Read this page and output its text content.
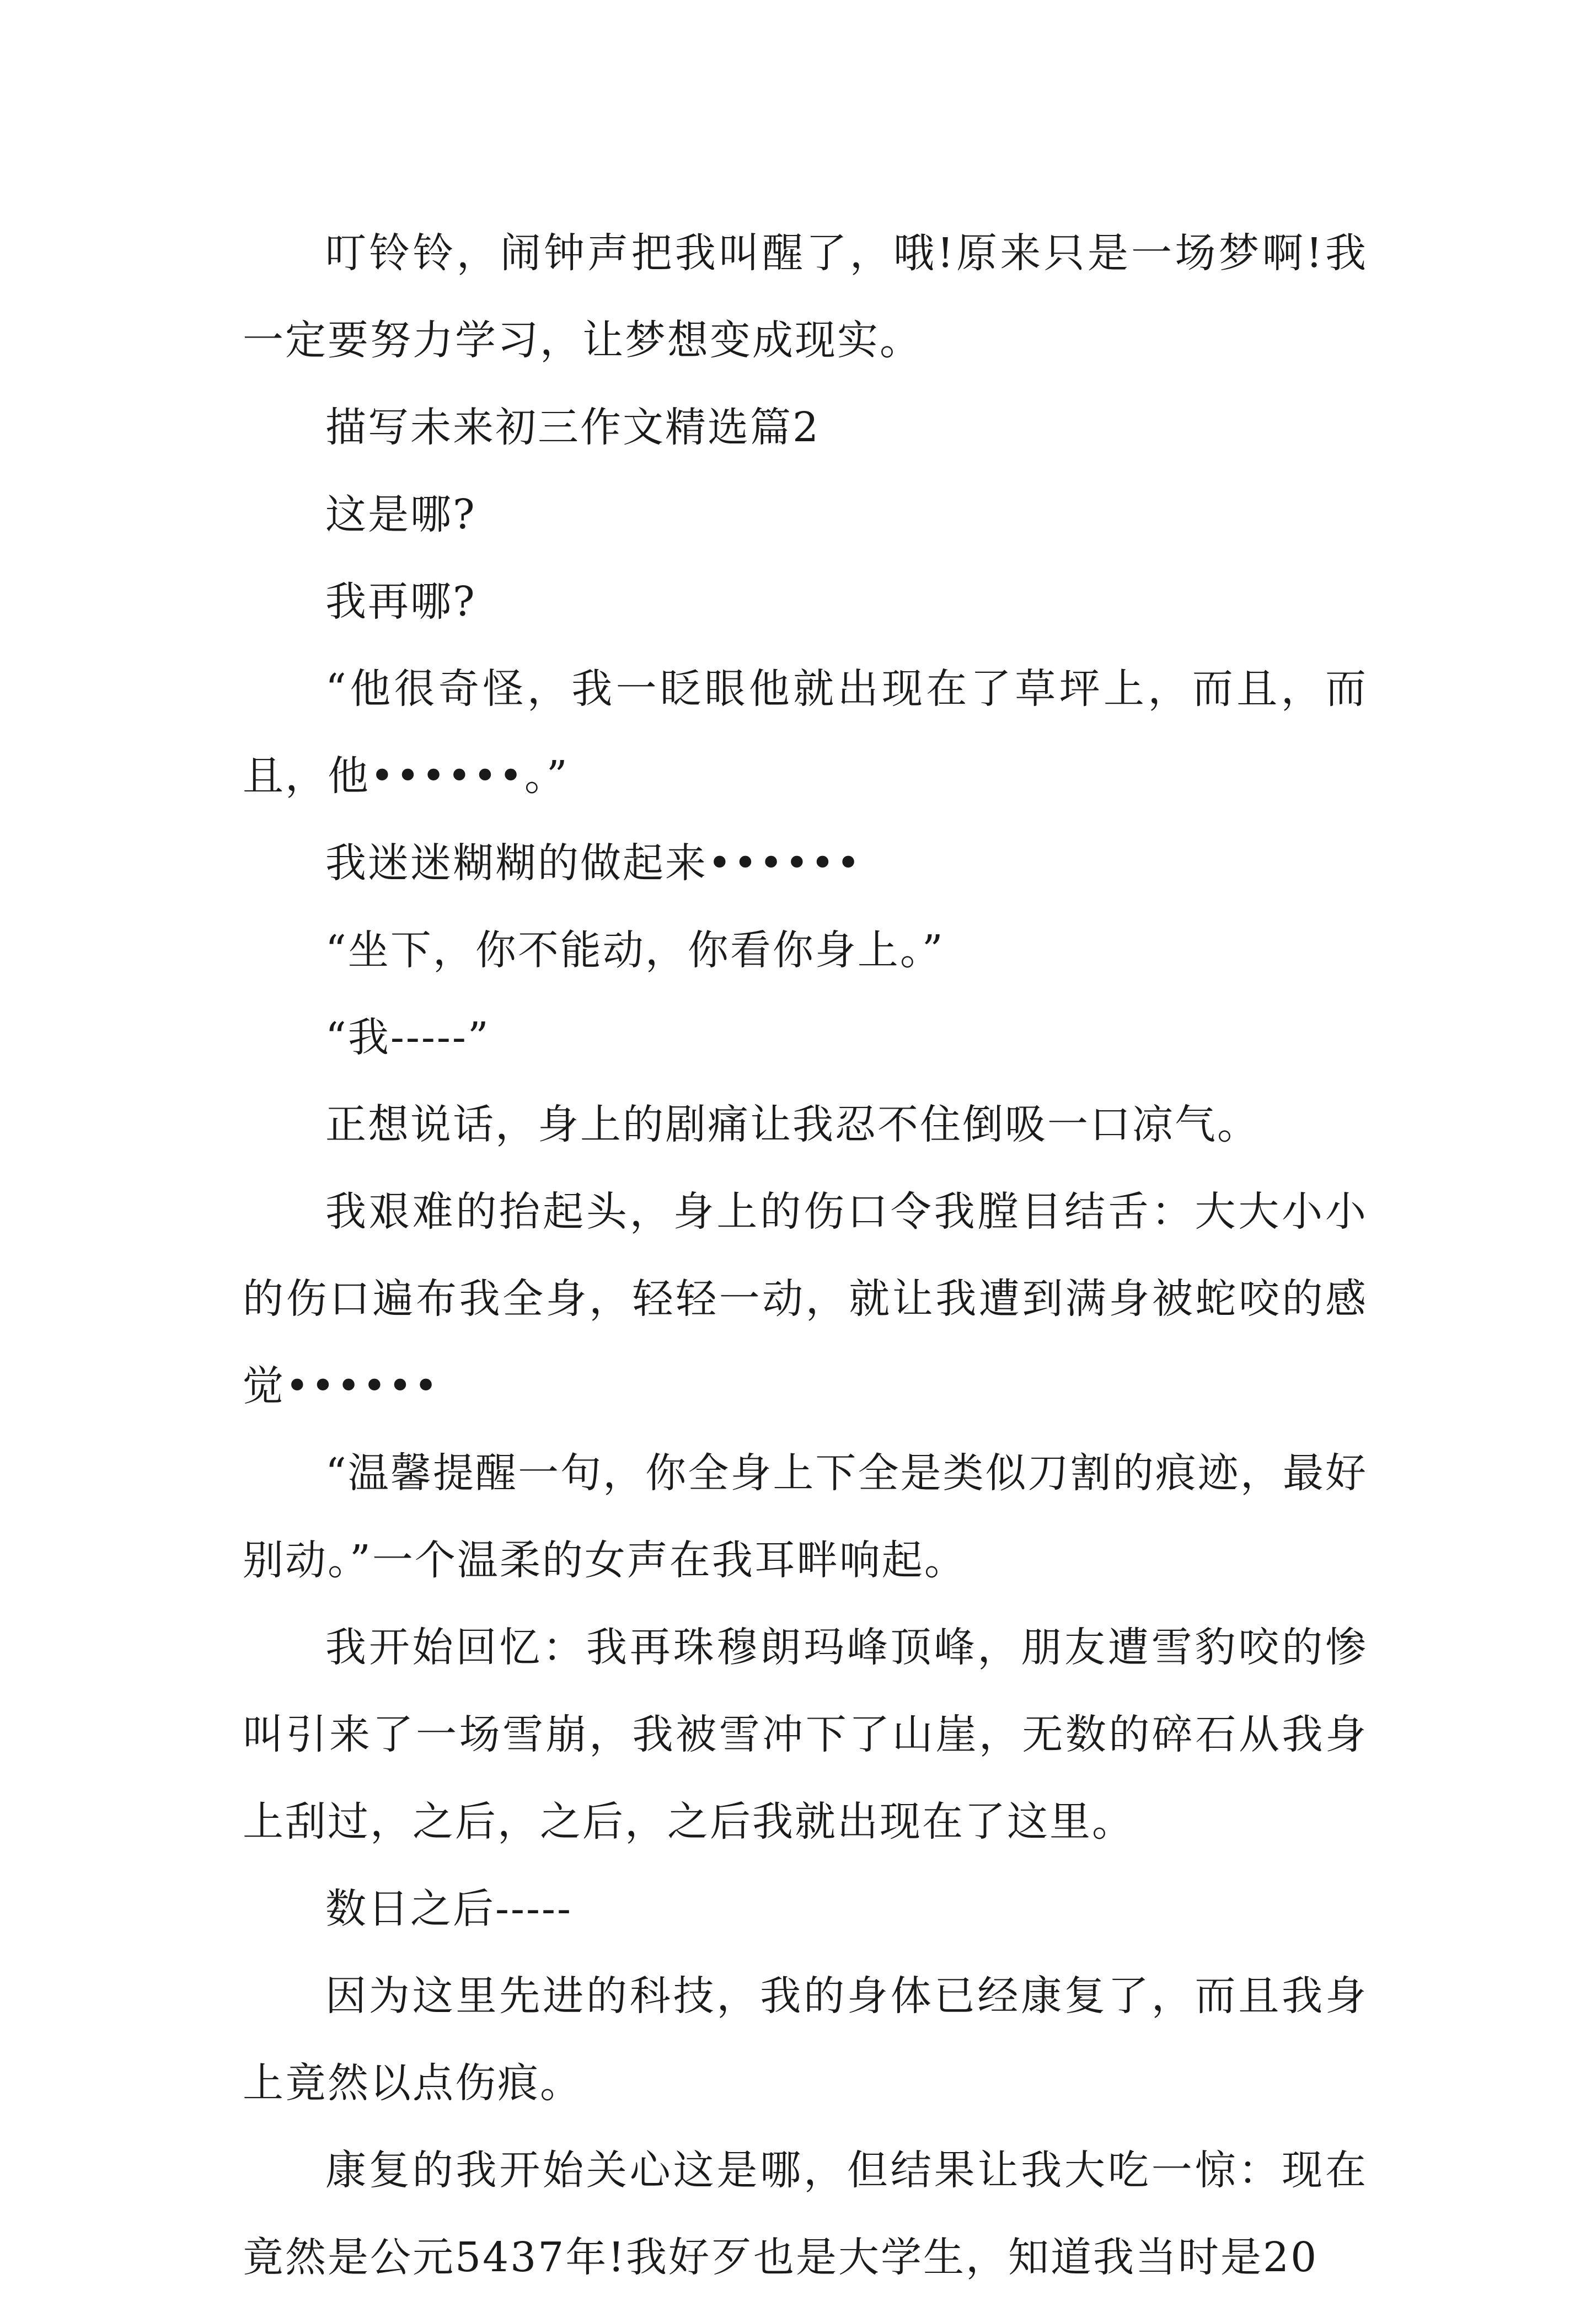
叮铃铃，闹钟声把我叫醒了，哦!原来只是一场梦啊!我一定要努力学习，让梦想变成现实。

描写未来初三作文精选篇2

这是哪?

我再哪?

“他很奇怪，我一眨眼他就出现在了草坪上，而且，而且，他••••••。”

我迷迷糊糊的做起来••••••

“坐下，你不能动，你看你身上。”

“我-----”

正想说话，身上的剧痛让我忍不住倒吸一口凉气。

我艰难的抬起头，身上的伤口令我膛目结舌：大大小小的伤口遍布我全身，轻轻一动，就让我遭到满身被蛇咬的感觉••••••

“温馨提醒一句，你全身上下全是类似刀割的痕迹，最好别动。”一个温柔的女声在我耳畔响起。

我开始回忆：我再珠穆朗玛峰顶峰，朋友遭雪豹咬的惨叫引来了一场雪崩，我被雪冲下了山崖，无数的碎石从我身上刮过，之后，之后，之后我就出现在了这里。

数日之后-----

因为这里先进的科技，我的身体已经康复了，而且我身上竟然以点伤痕。

康复的我开始关心这是哪，但结果让我大吃一惊：现在竟然是公元5437年!我好歹也是大学生，知道我当时是20
